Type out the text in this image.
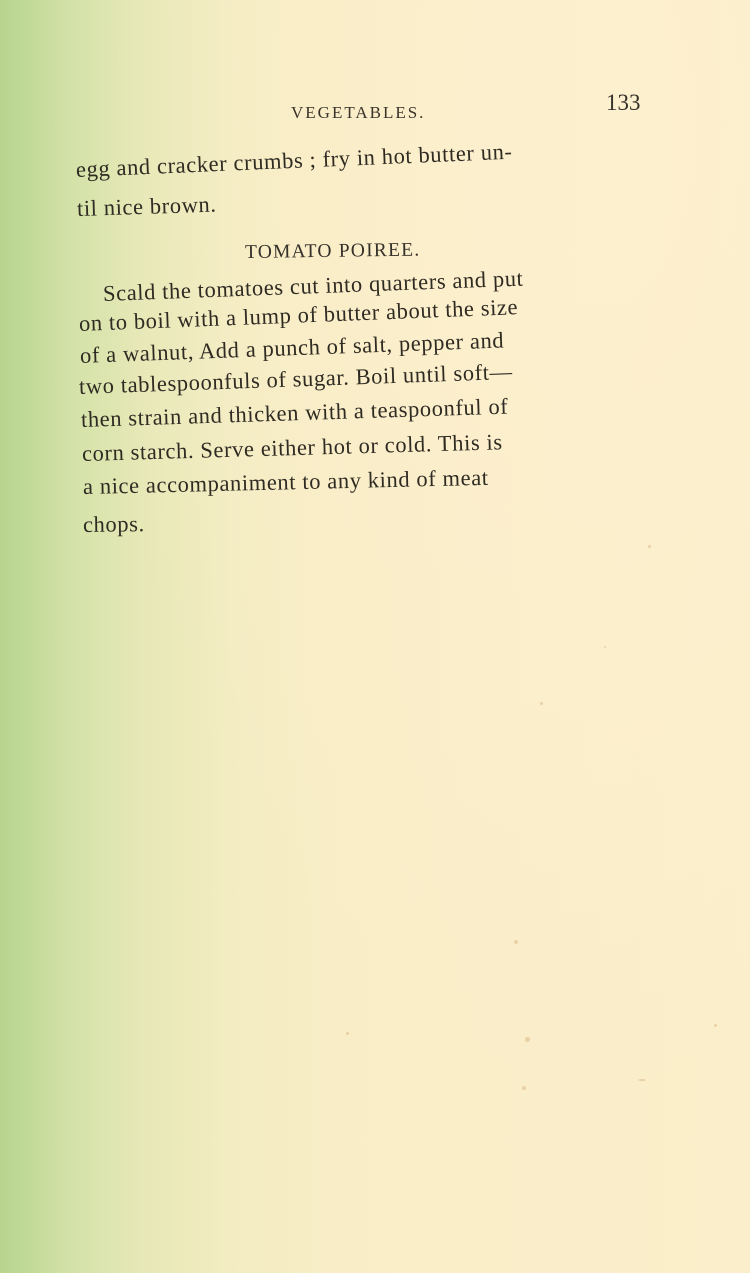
VEGETABLES.	133
egg and cracker crumbs ; fry in hot butter un-
til nice brown.
TOMATO POIREE.
Scald the tomatoes cut into quarters and put
on to boil with a lump of butter about the size
of a walnut, Add a punch of salt, pepper and
two tablespoonfuls of sugar. Boil until soft—
then strain and thicken with a teaspoonful of
corn starch. Serve either hot or cold. This is
a nice accompaniment to any kind of meat
chops.
